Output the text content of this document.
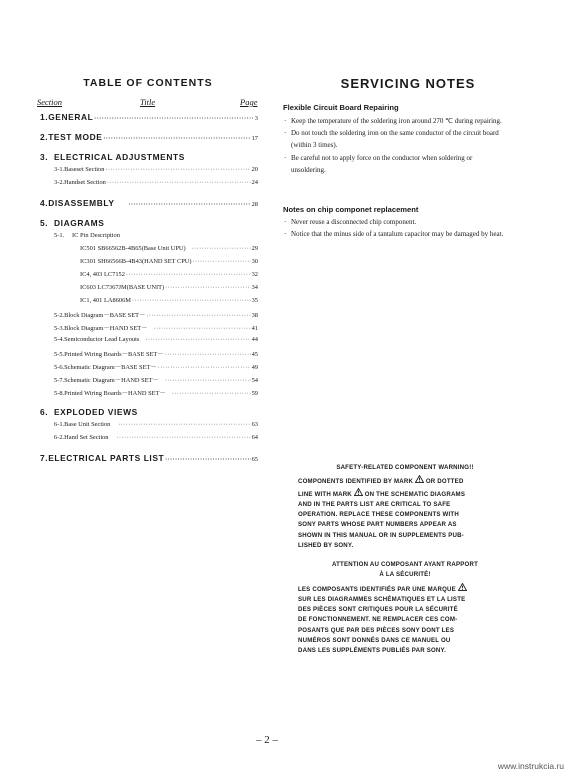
TABLE OF CONTENTS
Section	Title	Page
1. GENERAL ·····	3
2. TEST MODE ·····	17
3. ELECTRICAL ADJUSTMENTS
3-1. Baseset Section ·····	20
3-2. Handset Section ·····	24
4. DISASSEMBLY ·····	28
5. DIAGRAMS
5-1.	IC Pin Description
IC501 SB66562B-4B65(Base Unit UPU) ·····	29
IC301 SH66566B-4B43(HAND SET CPU) ·····	30
IC4, 403 LC7152 ·····	32
IC603 LC7367JM(BASE UNIT) ·····	34
IC1, 401 LA8606M ·····	35
5-2. Block Diagram－BASE SET－ ·····	38
5-3. Block Diagram－HAND SET－ ·····	41
5-4. Semiconductor Lead Layouts ·····	44
5-5. Printed Wiring Boards－BASE SET－ ·····	45
5-6. Schematic Diagram－BASE SET－ ·····	49
5-7. Schematic Diagram－HAND SET－ ·····	54
5-8. Printed Wiring Boards－HAND SET－ ·····	59
6. EXPLODED VIEWS
6-1. Base Unit Section ·····	63
6-2. Hand Set Section ·····	64
7. ELECTRICAL PARTS LIST ·····	65
SERVICING NOTES
Flexible Circuit Board Repairing
· Keep the temperature of the soldering iron around 270 ℃ during repairing.
· Do not touch the soldering iron on the same conductor of the circuit board (within 3 times).
· Be careful not to apply force on the conductor when soldering or unsoldering.
Notes on chip componet replacement
· Never reuse a disconnected chip component.
· Notice that the minus side of a tantalum capacitor may be damaged by heat.
SAFETY-RELATED COMPONENT WARNING!!
COMPONENTS IDENTIFIED BY MARK OR DOTTED
LINE WITH MARK ON THE SCHEMATIC DIAGRAMS
AND IN THE PARTS LIST ARE CRITICAL TO SAFE
OPERATION. REPLACE THESE COMPONENTS WITH
SONY PARTS WHOSE PART NUMBERS APPEAR AS
SHOWN IN THIS MANUAL OR IN SUPPLEMENTS PUB-
LISHED BY SONY.
ATTENTION AU COMPOSANT AYANT RAPPORT
À LA SÉCURITÉ!
LES COMPOSANTS IDENTIFIÉS PAR UNE MARQUE
SUR LES DIAGRAMMES SCHÉMATIQUES ET LA LISTE
DES PIÈCES SONT CRITIQUES POUR LA SÉCURITÉ
DE FONCTIONNEMENT. NE REMPLACER CES COM-
POSANTS QUE PAR DES PIÈCES SONY DONT LES
NUMÉROS SONT DONNÉS DANS CE MANUEL OU
DANS LES SUPPLÉMENTS PUBLIÉS PAR SONY.
– 2 –
www.instrukcia.ru
